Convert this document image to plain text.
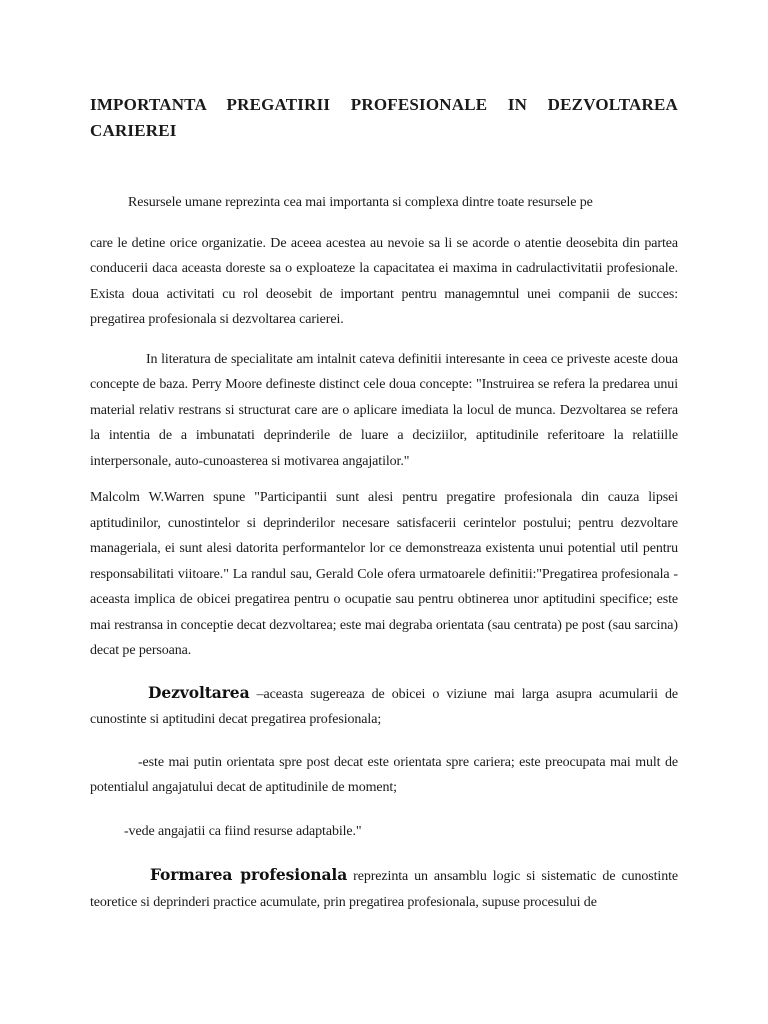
IMPORTANTA PREGATIRII PROFESIONALE IN DEZVOLTAREA CARIEREI

Resursele umane reprezinta cea mai importanta si complexa dintre toate resursele pe

care le detine orice organizatie. De aceea acestea au nevoie sa li se acorde o atentie deosebita din partea conducerii daca aceasta doreste sa o exploateze la capacitatea ei maxima in cadrulactivitatii profesionale. Exista doua activitati cu rol deosebit de important pentru managemntul unei companii de succes: pregatirea profesionala si dezvoltarea carierei.

In literatura de specialitate am intalnit cateva definitii interesante in ceea ce priveste aceste doua concepte de baza. Perry Moore defineste distinct cele doua concepte: "Instruirea se refera la predarea unui material relativ restrans si structurat care are o aplicare imediata la locul de munca. Dezvoltarea se refera la intentia de a imbunatati deprinderile de luare a deciziilor, aptitudinile referitoare la relatiille interpersonale, auto-cunoasterea si motivarea angajatilor."

Malcolm W.Warren spune "Participantii sunt alesi pentru pregatire profesionala din cauza lipsei aptitudinilor, cunostintelor si deprinderilor necesare satisfacerii cerintelor postului; pentru dezvoltare manageriala, ei sunt alesi datorita performantelor lor ce demonstreaza existenta unui potential util pentru responsabilitati viitoare." La randul sau, Gerald Cole ofera urmatoarele definitii:"Pregatirea profesionala - aceasta implica de obicei pregatirea pentru o ocupatie sau pentru obtinerea unor aptitudini specifice; este mai restransa in conceptie decat dezvoltarea; este mai degraba orientata (sau centrata) pe post (sau sarcina) decat pe persoana.

Dezvoltarea –aceasta sugereaza de obicei o viziune mai larga asupra acumularii de cunostinte si aptitudini decat pregatirea profesionala;

-este mai putin orientata spre post decat este orientata spre cariera; este preocupata mai mult de potentialul angajatului decat de aptitudinile de moment;

-vede angajatii ca fiind resurse adaptabile."

Formarea profesionala reprezinta un ansamblu logic si sistematic de cunostinte teoretice si deprinderi practice acumulate, prin pregatirea profesionala, supuse procesului de
